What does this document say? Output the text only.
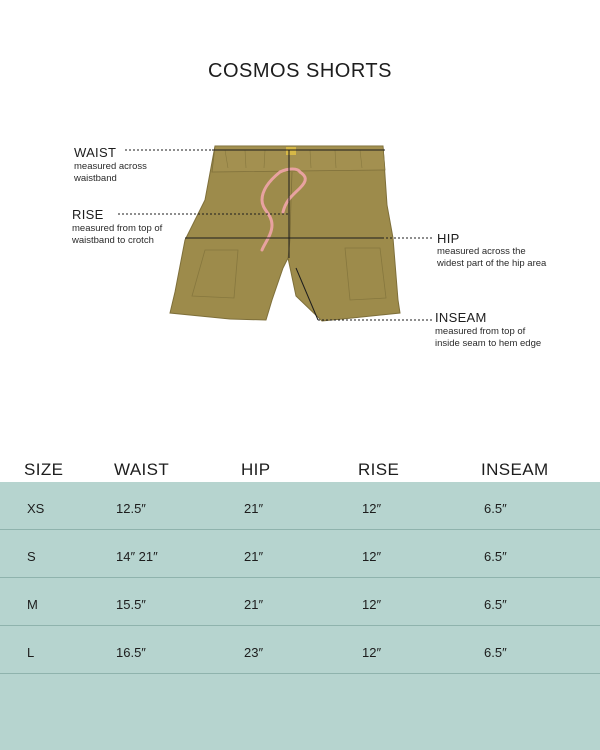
COSMOS SHORTS
WAIST
measured across
waistband
RISE
measured from top of
waistband to crotch	HIP
measured across the
widest part of the hip area
INSEAM
measured from top of
inside seam to hem edge
SIZE	WAIST	HIP	RISE	INSEAM
XS	12.5″	21″	12″	6.5″
S	14″ 21″	21″	12″	6.5″
M	15.5″	21″	12″	6.5″
L	16.5″	23″	12″	6.5″
